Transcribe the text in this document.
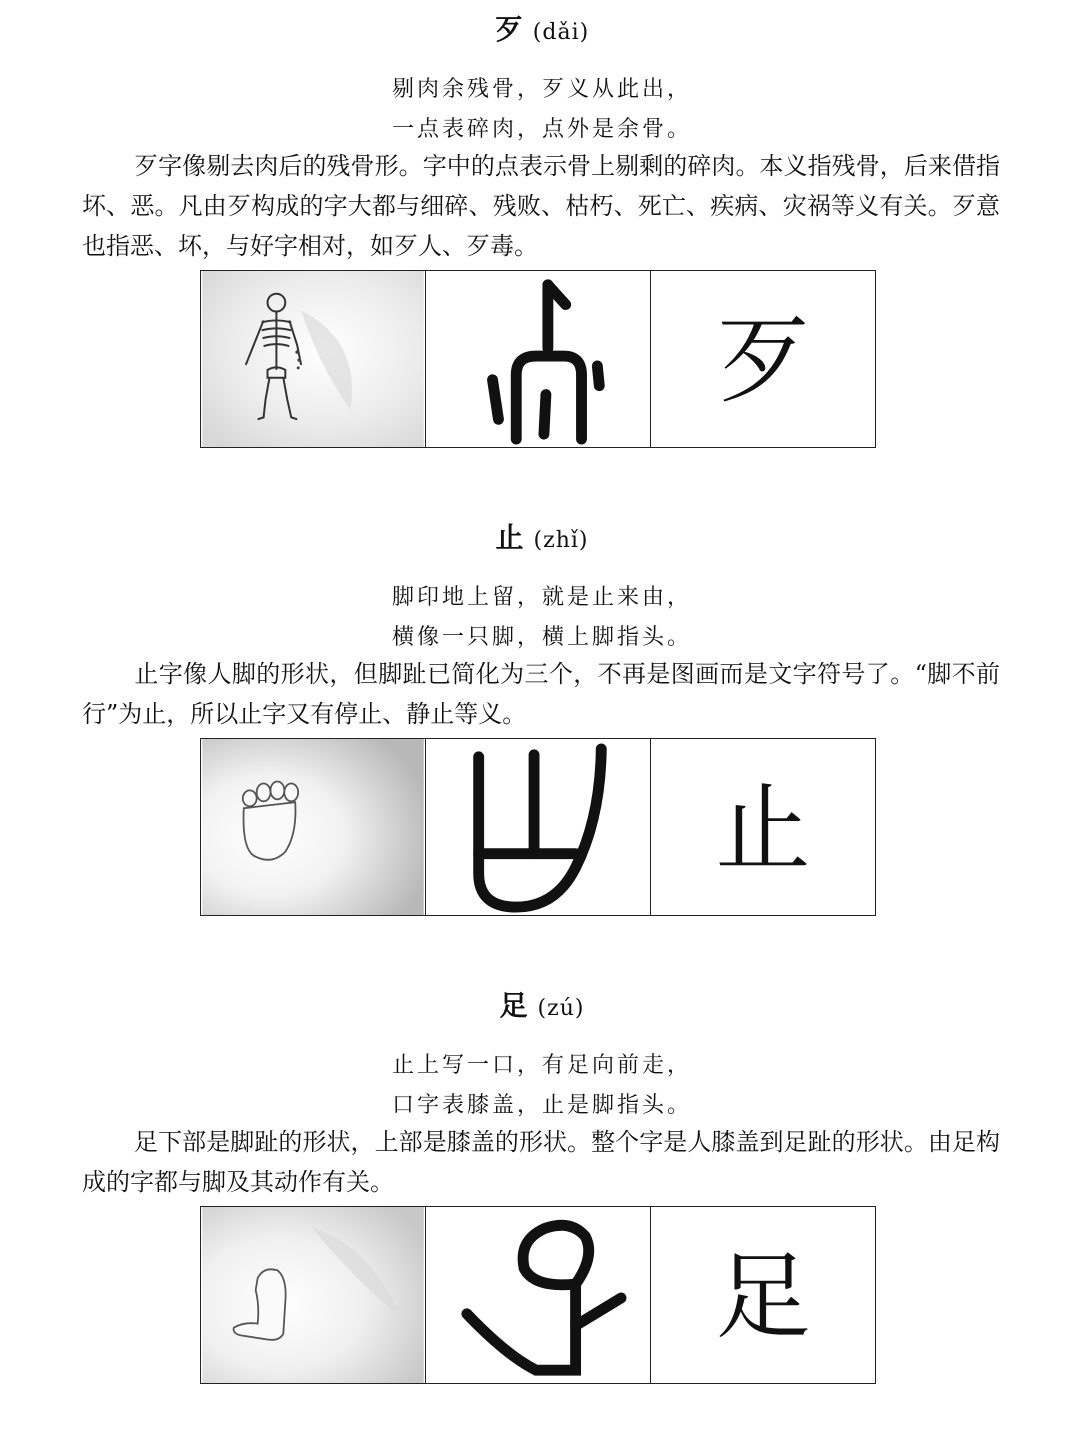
歹 (dǎi)
剔肉余残骨，歹义从此出，
一点表碎肉，点外是余骨。
歹字像剔去肉后的残骨形。字中的点表示骨上剔剩的碎肉。本义指残骨，后来借指坏、恶。凡由歹构成的字大都与细碎、残败、枯朽、死亡、疾病、灾祸等义有关。歹意也指恶、坏，与好字相对，如歹人、歹毒。
歹
止 (zhǐ)
脚印地上留，就是止来由，
横像一只脚，横上脚指头。
止字像人脚的形状，但脚趾已简化为三个，不再是图画而是文字符号了。“脚不前行”为止，所以止字又有停止、静止等义。
止
足 (zú)
止上写一口，有足向前走，
口字表膝盖，止是脚指头。
足下部是脚趾的形状，上部是膝盖的形状。整个字是人膝盖到足趾的形状。由足构成的字都与脚及其动作有关。
足
